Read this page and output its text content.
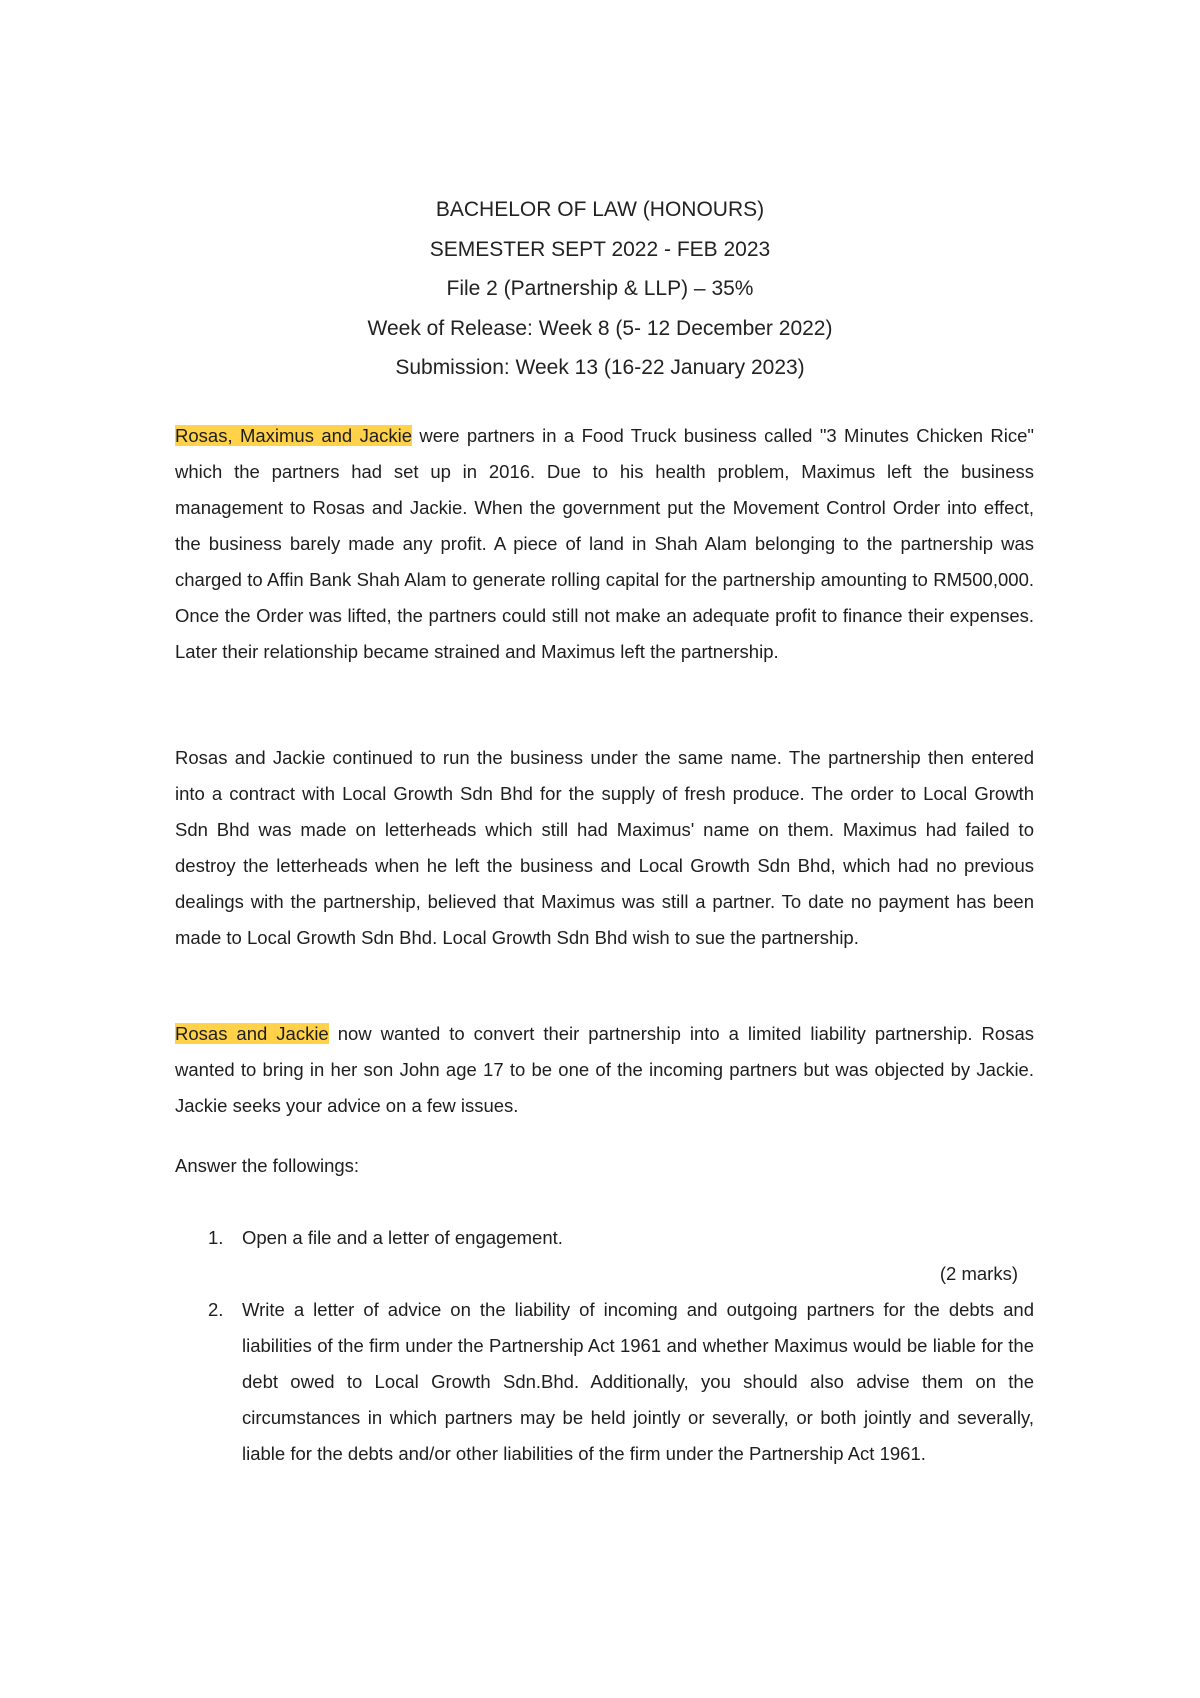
BACHELOR OF LAW (HONOURS)
SEMESTER SEPT 2022 - FEB 2023
File 2 (Partnership & LLP) – 35%
Week of Release: Week 8 (5- 12 December 2022)
Submission: Week 13 (16-22 January 2023)
Rosas, Maximus and Jackie were partners in a Food Truck business called "3 Minutes Chicken Rice" which the partners had set up in 2016. Due to his health problem, Maximus left the business management to Rosas and Jackie. When the government put the Movement Control Order into effect, the business barely made any profit. A piece of land in Shah Alam belonging to the partnership was charged to Affin Bank Shah Alam to generate rolling capital for the partnership amounting to RM500,000. Once the Order was lifted, the partners could still not make an adequate profit to finance their expenses. Later their relationship became strained and Maximus left the partnership.
Rosas and Jackie continued to run the business under the same name. The partnership then entered into a contract with Local Growth Sdn Bhd for the supply of fresh produce. The order to Local Growth Sdn Bhd was made on letterheads which still had Maximus' name on them. Maximus had failed to destroy the letterheads when he left the business and Local Growth Sdn Bhd, which had no previous dealings with the partnership, believed that Maximus was still a partner. To date no payment has been made to Local Growth Sdn Bhd. Local Growth Sdn Bhd wish to sue the partnership.
Rosas and Jackie now wanted to convert their partnership into a limited liability partnership. Rosas wanted to bring in her son John age 17 to be one of the incoming partners but was objected by Jackie. Jackie seeks your advice on a few issues.
Answer the followings:
1. Open a file and a letter of engagement.
(2 marks)
2. Write a letter of advice on the liability of incoming and outgoing partners for the debts and liabilities of the firm under the Partnership Act 1961 and whether Maximus would be liable for the debt owed to Local Growth Sdn.Bhd. Additionally, you should also advise them on the circumstances in which partners may be held jointly or severally, or both jointly and severally, liable for the debts and/or other liabilities of the firm under the Partnership Act 1961.
